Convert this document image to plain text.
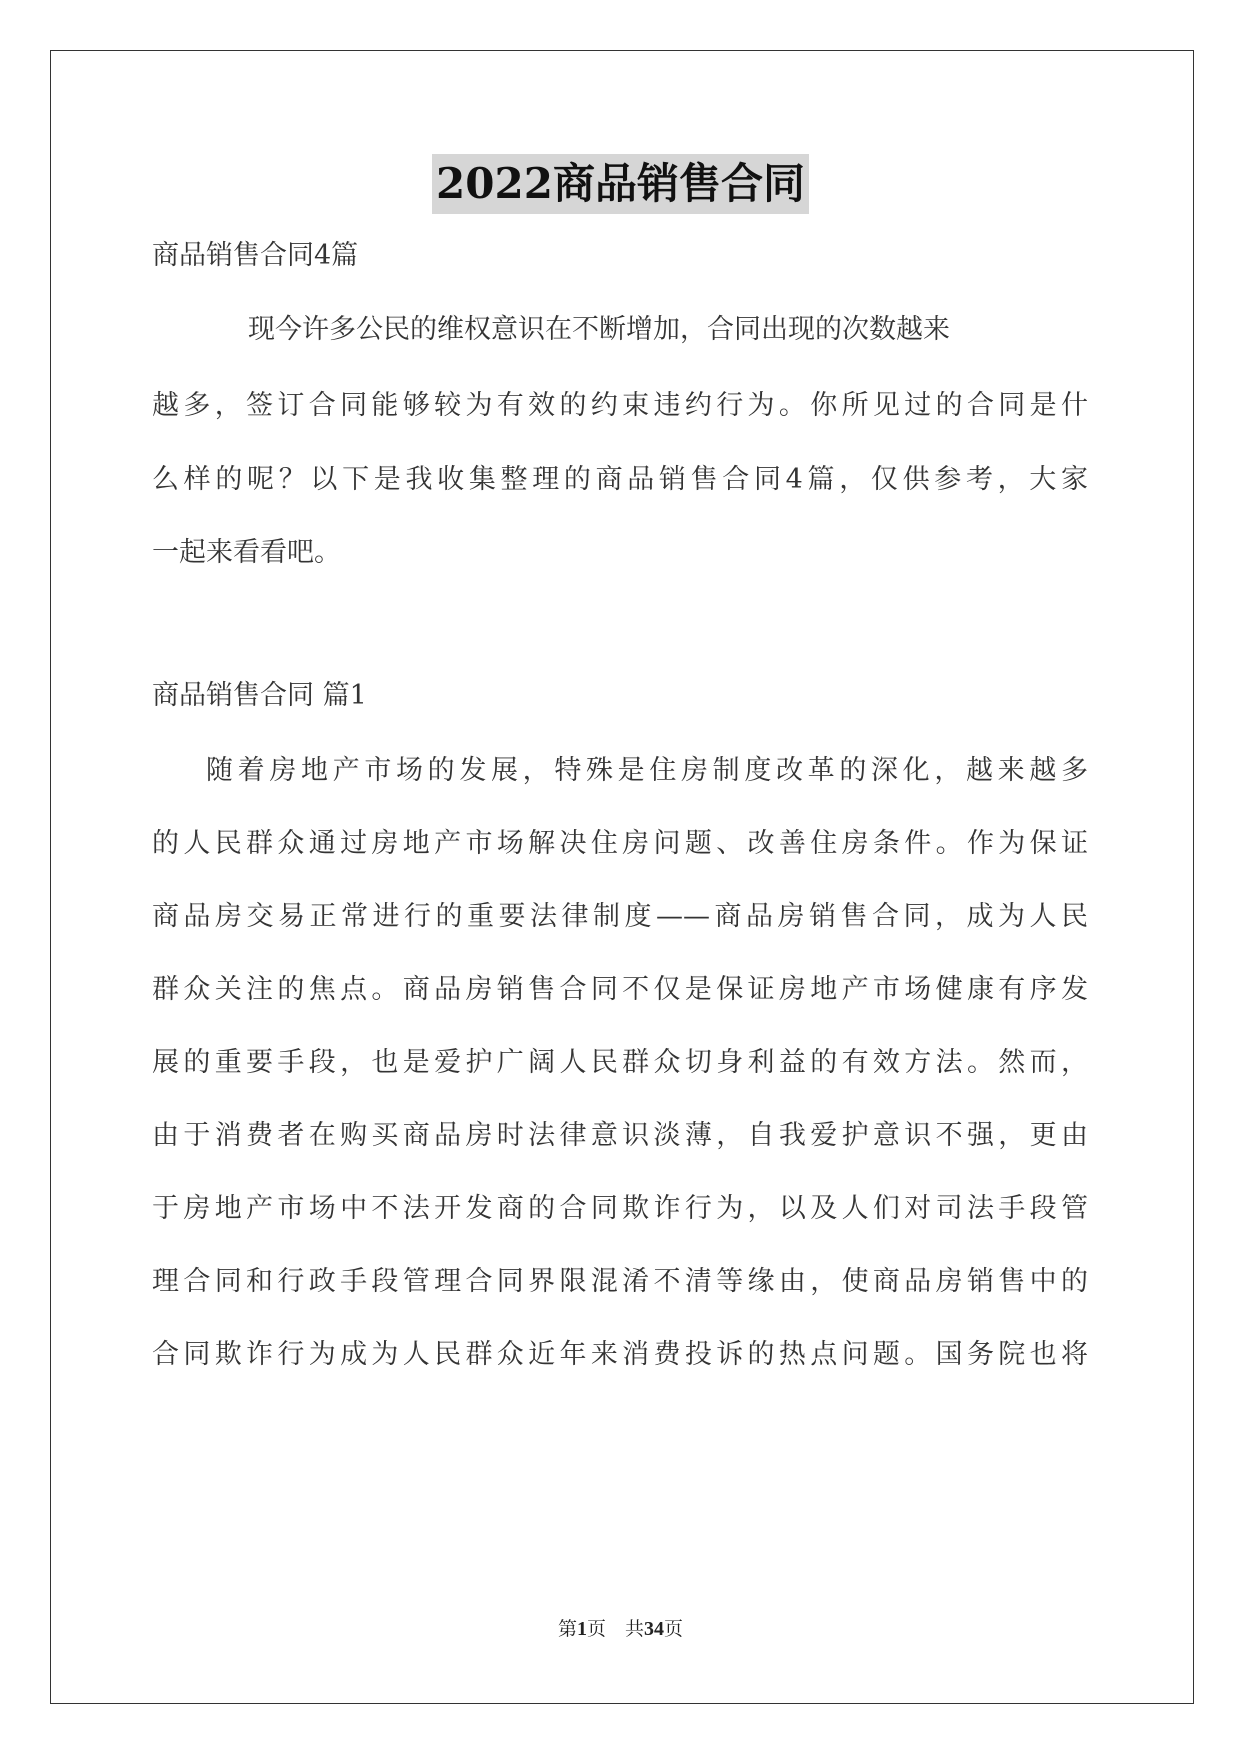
2022商品销售合同
商品销售合同4篇
现今许多公民的维权意识在不断增加，合同出现的次数越来
越多，签订合同能够较为有效的约束违约行为。你所见过的合同是什
么样的呢？以下是我收集整理的商品销售合同4篇，仅供参考，大家
一起来看看吧。
商品销售合同 篇1
随着房地产市场的发展，特殊是住房制度改革的深化，越来越多
的人民群众通过房地产市场解决住房问题、改善住房条件。作为保证
商品房交易正常进行的重要法律制度——商品房销售合同，成为人民
群众关注的焦点。商品房销售合同不仅是保证房地产市场健康有序发
展的重要手段，也是爱护广阔人民群众切身利益的有效方法。然而，
由于消费者在购买商品房时法律意识淡薄，自我爱护意识不强，更由
于房地产市场中不法开发商的合同欺诈行为，以及人们对司法手段管
理合同和行政手段管理合同界限混淆不清等缘由，使商品房销售中的
合同欺诈行为成为人民群众近年来消费投诉的热点问题。国务院也将
第1页　共34页
